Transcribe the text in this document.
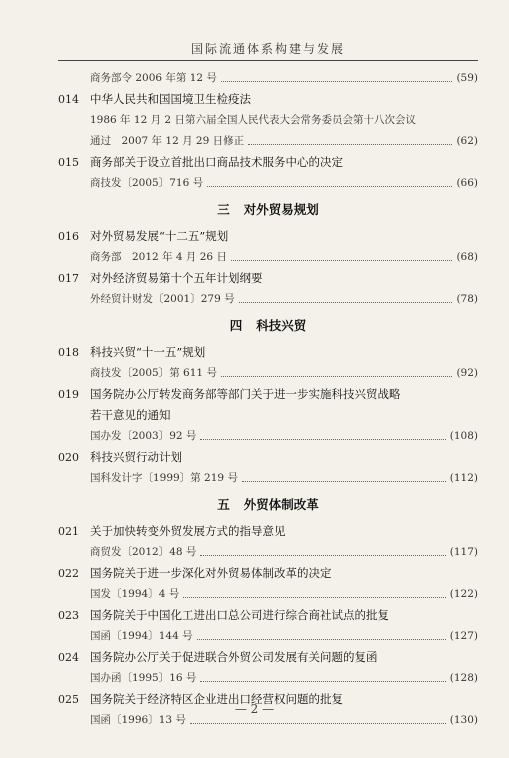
国际流通体系构建与发展
商务部令 2006 年第 12 号	(59)
014 中华人民共和国国境卫生检疫法
1986 年 12 月 2 日第六届全国人民代表大会常务委员会第十八次会议
通过　2007 年 12 月 29 日修正	(62)
015 商务部关于设立首批出口商品技术服务中心的决定
商技发〔2005〕716 号	(66)
三 对外贸易规划
016 对外贸易发展“十二五”规划
商务部　2012 年 4 月 26 日	(68)
017 对外经济贸易第十个五年计划纲要
外经贸计财发〔2001〕279 号	(78)
四 科技兴贸
018 科技兴贸“十一五”规划
商技发〔2005〕第 611 号	(92)
019 国务院办公厅转发商务部等部门关于进一步实施科技兴贸战略
若干意见的通知
国办发〔2003〕92 号	(108)
020 科技兴贸行动计划
国科发计字〔1999〕第 219 号	(112)
五 外贸体制改革
021 关于加快转变外贸发展方式的指导意见
商贸发〔2012〕48 号	(117)
022 国务院关于进一步深化对外贸易体制改革的决定
国发〔1994〕4 号	(122)
023 国务院关于中国化工进出口总公司进行综合商社试点的批复
国函〔1994〕144 号	(127)
024 国务院办公厅关于促进联合外贸公司发展有关问题的复函
国办函〔1995〕16 号	(128)
025 国务院关于经济特区企业进出口经营权问题的批复
国函〔1996〕13 号	(130)
— 2 —
